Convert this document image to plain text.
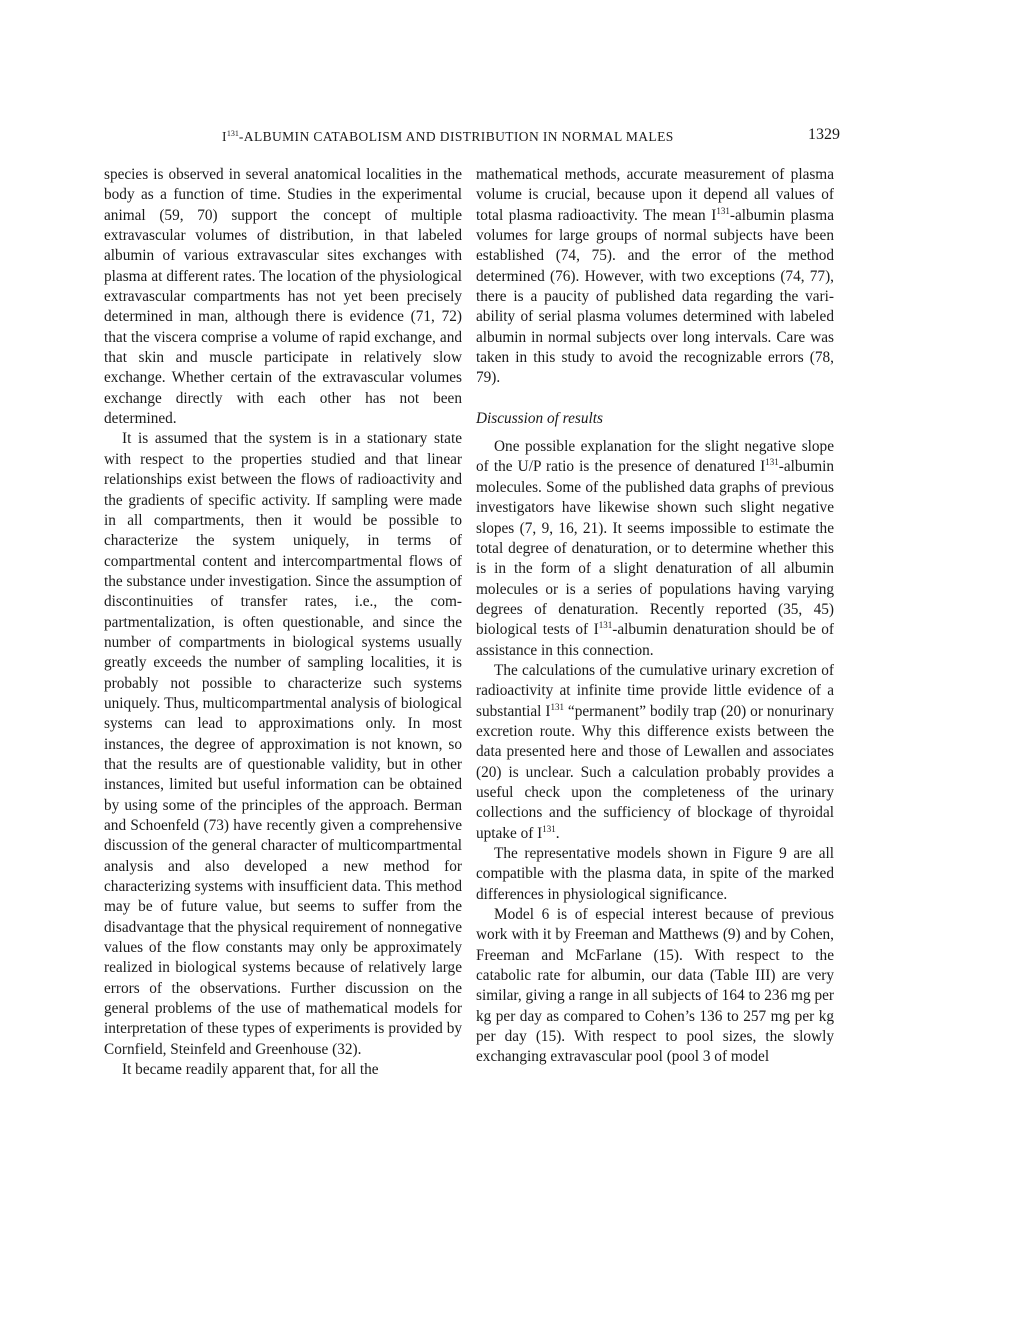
$I^{131}$-ALBUMIN CATABOLISM AND DISTRIBUTION IN NORMAL MALES	1329

species is observed in several anatomical localities in the body as a function of time. Studies in the experimental animal (59, 70) support the concept of multiple extravascular volumes of distribution, in that labeled albumin of various extravascular sites exchanges with plasma at different rates. The location of the physiological extravascular compartments has not yet been precisely determined in man, although there is evidence (71, 72) that the viscera comprise a volume of rapid exchange, and that skin and muscle participate in relatively slow exchange. Whether certain of the extravascular volumes exchange directly with each other has not been determined.

It is assumed that the system is in a stationary state with respect to the properties studied and that linear relationships exist between the flows of radioactivity and the gradients of specific activity. If sampling were made in all compartments, then it would be possible to characterize the system uniquely, in terms of compartmental content and intercompartmental flows of the substance under investigation. Since the assumption of discontinuities of transfer rates, i.e., the compartmentalization, is often questionable, and since the number of compartments in biological systems usually greatly exceeds the number of sampling localities, it is probably not possible to characterize such systems uniquely. Thus, multicompartmental analysis of biological systems can lead to approximations only. In most instances, the degree of approximation is not known, so that the results are of questionable validity, but in other instances, limited but useful information can be obtained by using some of the principles of the approach. Berman and Schoenfeld (73) have recently given a comprehensive discussion of the general character of multicompartmental analysis and also developed a new method for characterizing systems with insufficient data. This method may be of future value, but seems to suffer from the disadvantage that the physical requirement of nonnegative values of the flow constants may only be approximately realized in biological systems because of relatively large errors of the observations. Further discussion on the general problems of the use of mathematical models for interpretation of these types of experiments is provided by Cornfield, Steinfeld and Greenhouse (32).

It became readily apparent that, for all the

mathematical methods, accurate measurement of plasma volume is crucial, because upon it depend all values of total plasma radioactivity. The mean $I^{131}$-albumin plasma volumes for large groups of normal subjects have been established (74, 75). and the error of the method determined (76). However, with two exceptions (74, 77), there is a paucity of published data regarding the variability of serial plasma volumes determined with labeled albumin in normal subjects over long intervals. Care was taken in this study to avoid the recognizable errors (78, 79).

Discussion of results

One possible explanation for the slight negative slope of the U/P ratio is the presence of denatured $I^{131}$-albumin molecules. Some of the published data graphs of previous investigators have likewise shown such slight negative slopes (7, 9, 16, 21). It seems impossible to estimate the total degree of denaturation, or to determine whether this is in the form of a slight denaturation of all albumin molecules or is a series of populations having varying degrees of denaturation. Recently reported (35, 45) biological tests of $I^{131}$-albumin denaturation should be of assistance in this connection.

The calculations of the cumulative urinary excretion of radioactivity at infinite time provide little evidence of a substantial $I^{131}$ “permanent” bodily trap (20) or nonurinary excretion route. Why this difference exists between the data presented here and those of Lewallen and associates (20) is unclear. Such a calculation probably provides a useful check upon the completeness of the urinary collections and the sufficiency of blockage of thyroidal uptake of $I^{131}$.

The representative models shown in Figure 9 are all compatible with the plasma data, in spite of the marked differences in physiological significance.

Model 6 is of especial interest because of previous work with it by Freeman and Matthews (9) and by Cohen, Freeman and McFarlane (15). With respect to the catabolic rate for albumin, our data (Table III) are very similar, giving a range in all subjects of 164 to 236 mg per kg per day as compared to Cohen’s 136 to 257 mg per kg per day (15). With respect to pool sizes, the slowly exchanging extravascular pool (pool 3 of model
